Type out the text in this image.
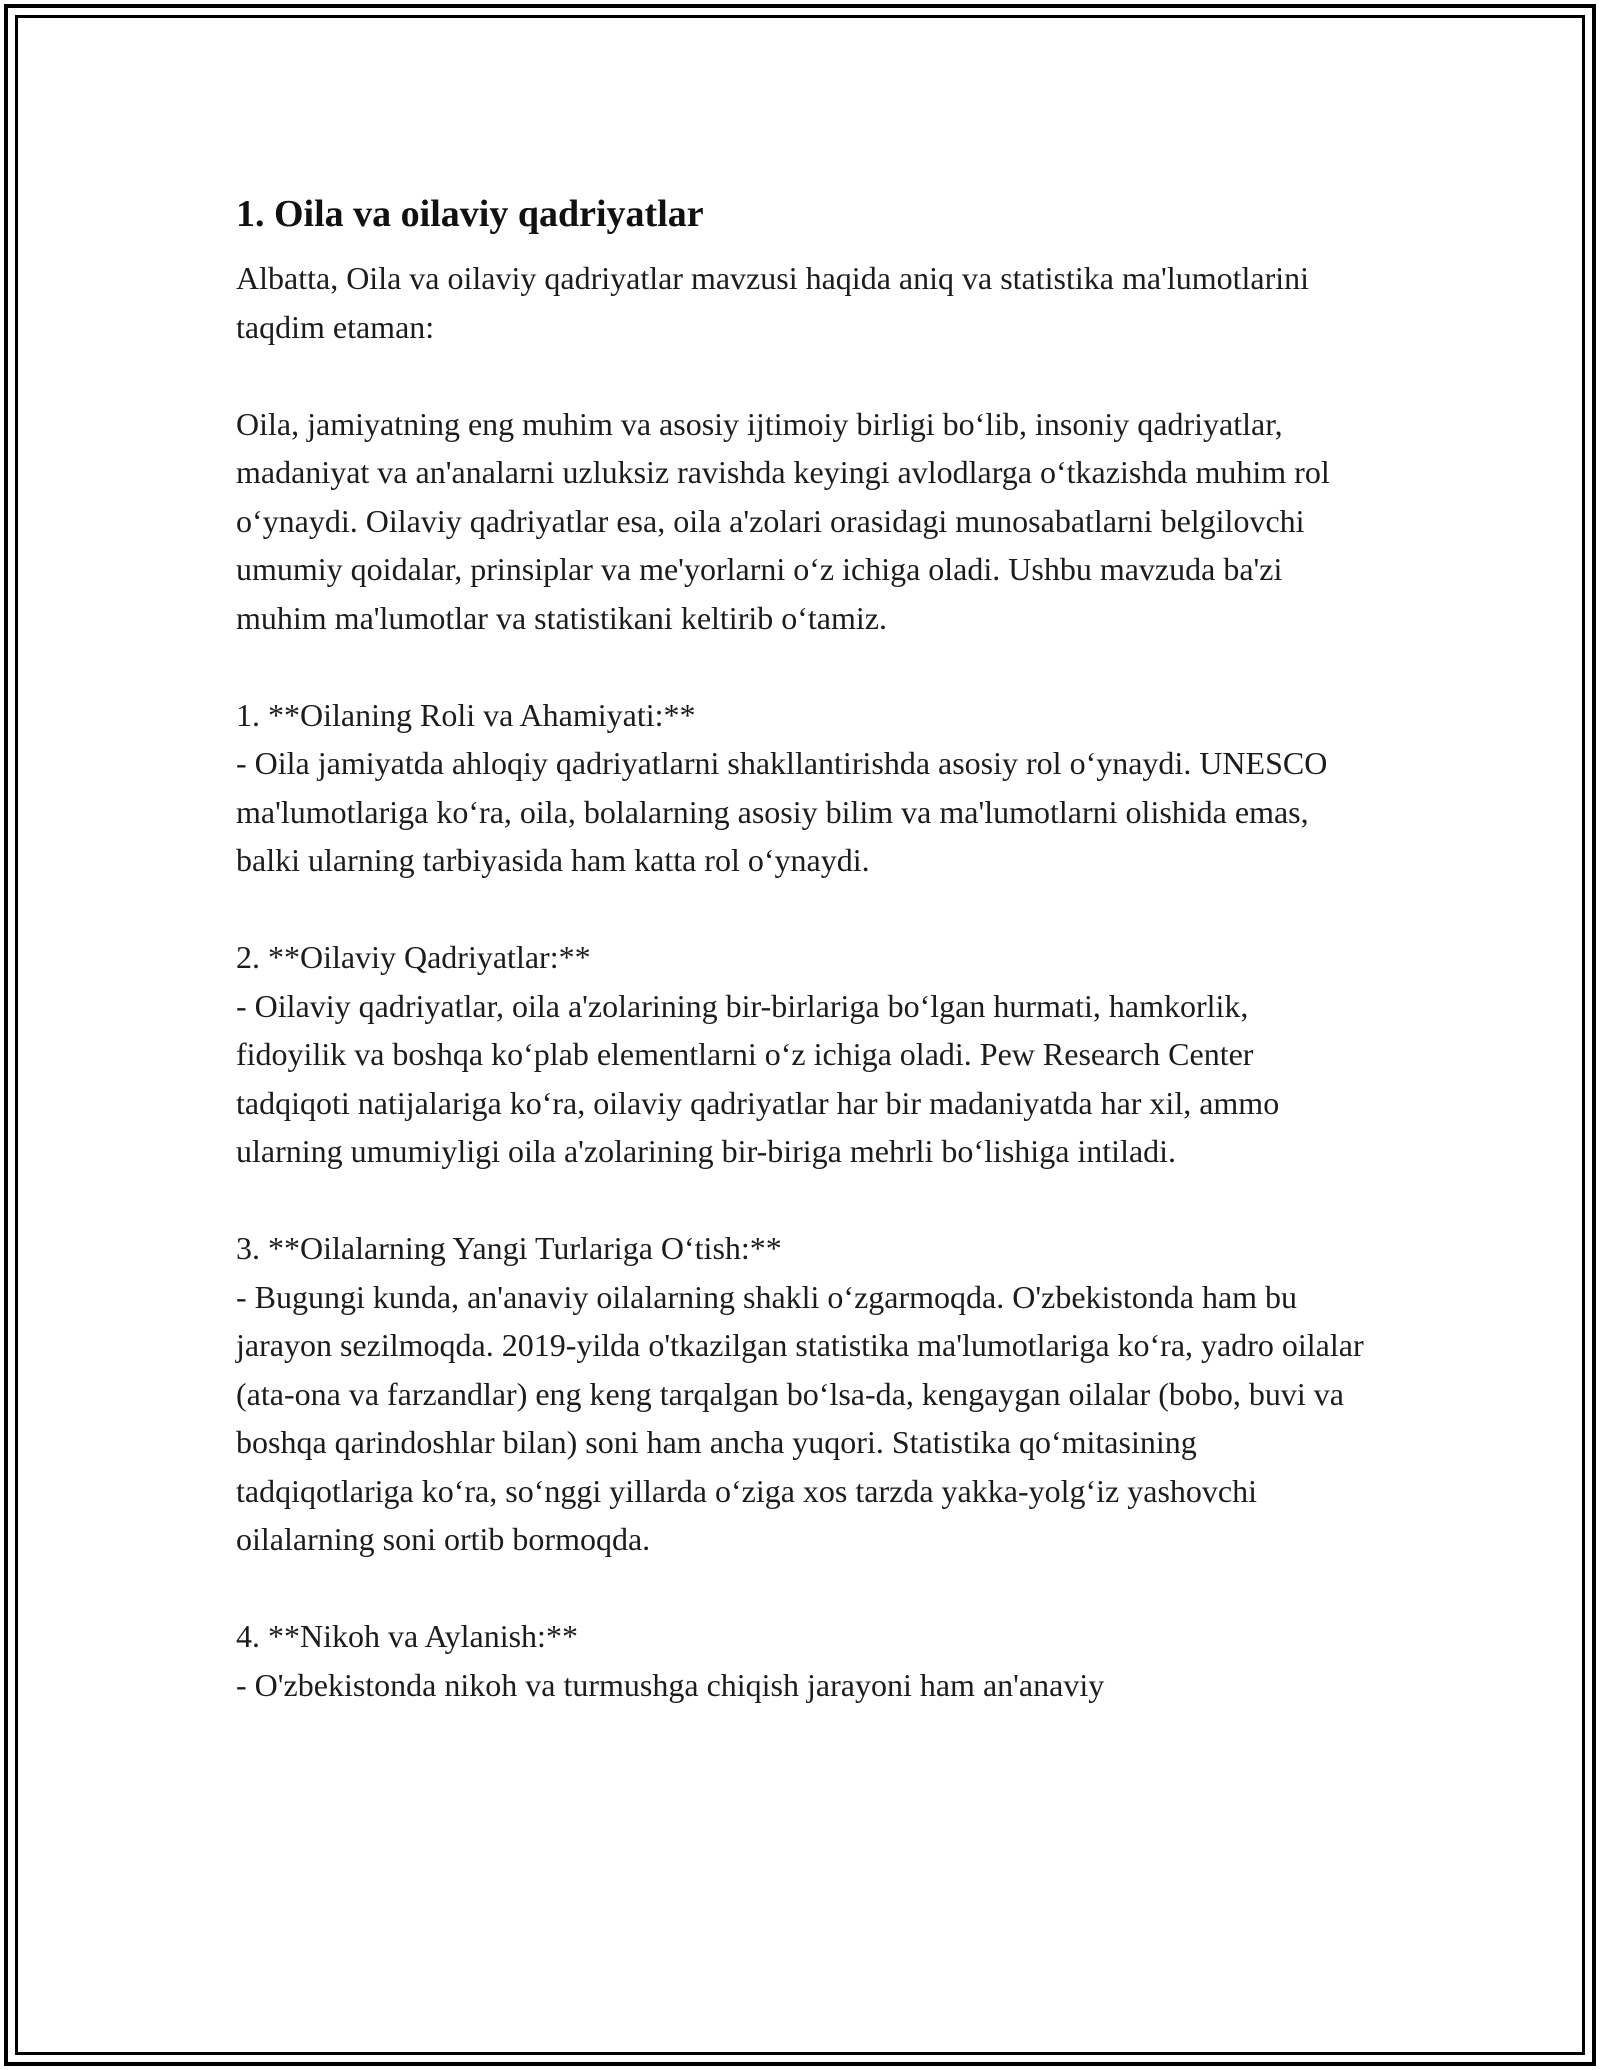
1. Oila va oilaviy qadriyatlar

Albatta, Oila va oilaviy qadriyatlar mavzusi haqida aniq va statistika ma'lumotlarini taqdim etaman:

Oila, jamiyatning eng muhim va asosiy ijtimoiy birligi bo‘lib, insoniy qadriyatlar, madaniyat va an'analarni uzluksiz ravishda keyingi avlodlarga o‘tkazishda muhim rol o‘ynaydi. Oilaviy qadriyatlar esa, oila a'zolari orasidagi munosabatlarni belgilovchi umumiy qoidalar, prinsiplar va me'yorlarni o‘z ichiga oladi. Ushbu mavzuda ba'zi muhim ma'lumotlar va statistikani keltirib o‘tamiz.

1. **Oilaning Roli va Ahamiyati:**
- Oila jamiyatda ahloqiy qadriyatlarni shakllantirishda asosiy rol o‘ynaydi. UNESCO ma'lumotlariga ko‘ra, oila, bolalarning asosiy bilim va ma'lumotlarni olishida emas, balki ularning tarbiyasida ham katta rol o‘ynaydi.

2. **Oilaviy Qadriyatlar:**
- Oilaviy qadriyatlar, oila a'zolarining bir-birlariga bo‘lgan hurmati, hamkorlik, fidoyilik va boshqa ko‘plab elementlarni o‘z ichiga oladi. Pew Research Center tadqiqoti natijalariga ko‘ra, oilaviy qadriyatlar har bir madaniyatda har xil, ammo ularning umumiyligi oila a'zolarining bir-biriga mehrli bo‘lishiga intiladi.

3. **Oilalarning Yangi Turlariga O‘tish:**
- Bugungi kunda, an'anaviy oilalarning shakli o‘zgarmoqda. O'zbekistonda ham bu jarayon sezilmoqda. 2019-yilda o'tkazilgan statistika ma'lumotlariga ko‘ra, yadro oilalar (ata-ona va farzandlar) eng keng tarqalgan bo‘lsa-da, kengaygan oilalar (bobo, buvi va boshqa qarindoshlar bilan) soni ham ancha yuqori. Statistika qo‘mitasining tadqiqotlariga ko‘ra, so‘nggi yillarda o‘ziga xos tarzda yakka-yolg‘iz yashovchi oilalarning soni ortib bormoqda.

4. **Nikoh va Aylanish:**
- O'zbekistonda nikoh va turmushga chiqish jarayoni ham an'anaviy
